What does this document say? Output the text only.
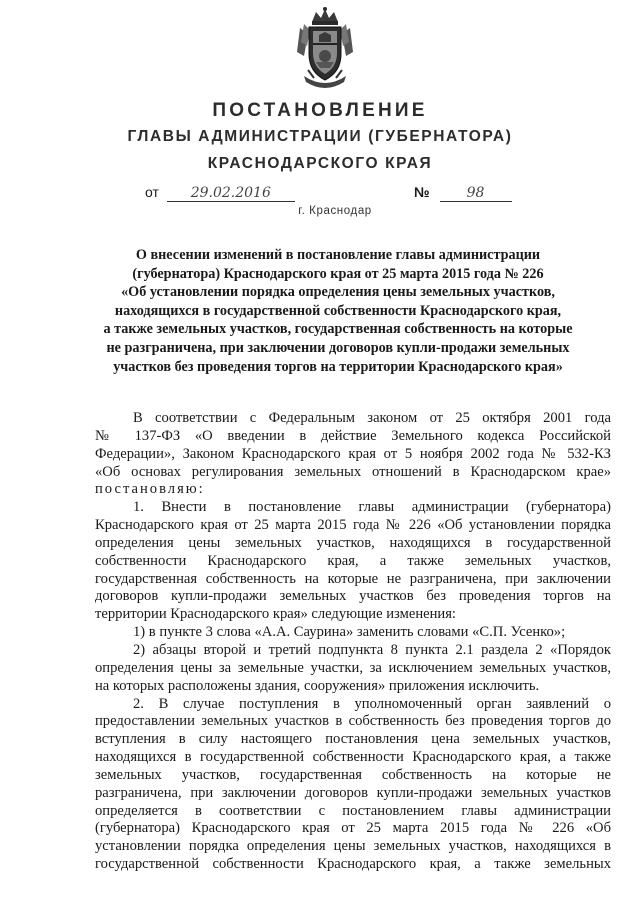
ПОСТАНОВЛЕНИЕ
ГЛАВЫ АДМИНИСТРАЦИИ (ГУБЕРНАТОРА)
КРАСНОДАРСКОГО КРАЯ
от 29.02.2016	№	98
г. Краснодар
О внесении изменений в постановление главы администрации
(губернатора) Краснодарского края от 25 марта 2015 года № 226
«Об установлении порядка определения цены земельных участков,
находящихся в государственной собственности Краснодарского края,
а также земельных участков, государственная собственность на которые
не разграничена, при заключении договоров купли-продажи земельных
участков без проведения торгов на территории Краснодарского края»
В соответствии с Федеральным законом от 25 октября 2001 года
№ 137-ФЗ «О введении в действие Земельного кодекса Российской
Федерации», Законом Краснодарского края от 5 ноября 2002 года № 532-КЗ
«Об основах регулирования земельных отношений в Краснодарском крае»
постановляю:
1. Внести в постановление главы администрации (губернатора)
Краснодарского края от 25 марта 2015 года № 226 «Об установлении порядка
определения цены земельных участков, находящихся в государственной
собственности Краснодарского края, а также земельных участков,
государственная собственность на которые не разграничена, при заключении
договоров купли-продажи земельных участков без проведения торгов на
территории Краснодарского края» следующие изменения:
1) в пункте 3 слова «А.А. Саурина» заменить словами «С.П. Усенко»;
2) абзацы второй и третий подпункта 8 пункта 2.1 раздела 2 «Порядок
определения цены за земельные участки, за исключением земельных участков,
на которых расположены здания, сооружения» приложения исключить.
2. В случае поступления в уполномоченный орган заявлений о
предоставлении земельных участков в собственность без проведения торгов до
вступления в силу настоящего постановления цена земельных участков,
находящихся в государственной собственности Краснодарского края, а также
земельных участков, государственная собственность на которые не
разграничена, при заключении договоров купли-продажи земельных участков
определяется в соответствии с постановлением главы администрации
(губернатора) Краснодарского края от 25 марта 2015 года № 226 «Об
установлении порядка определения цены земельных участков, находящихся в
государственной собственности Краснодарского края, а также земельных
